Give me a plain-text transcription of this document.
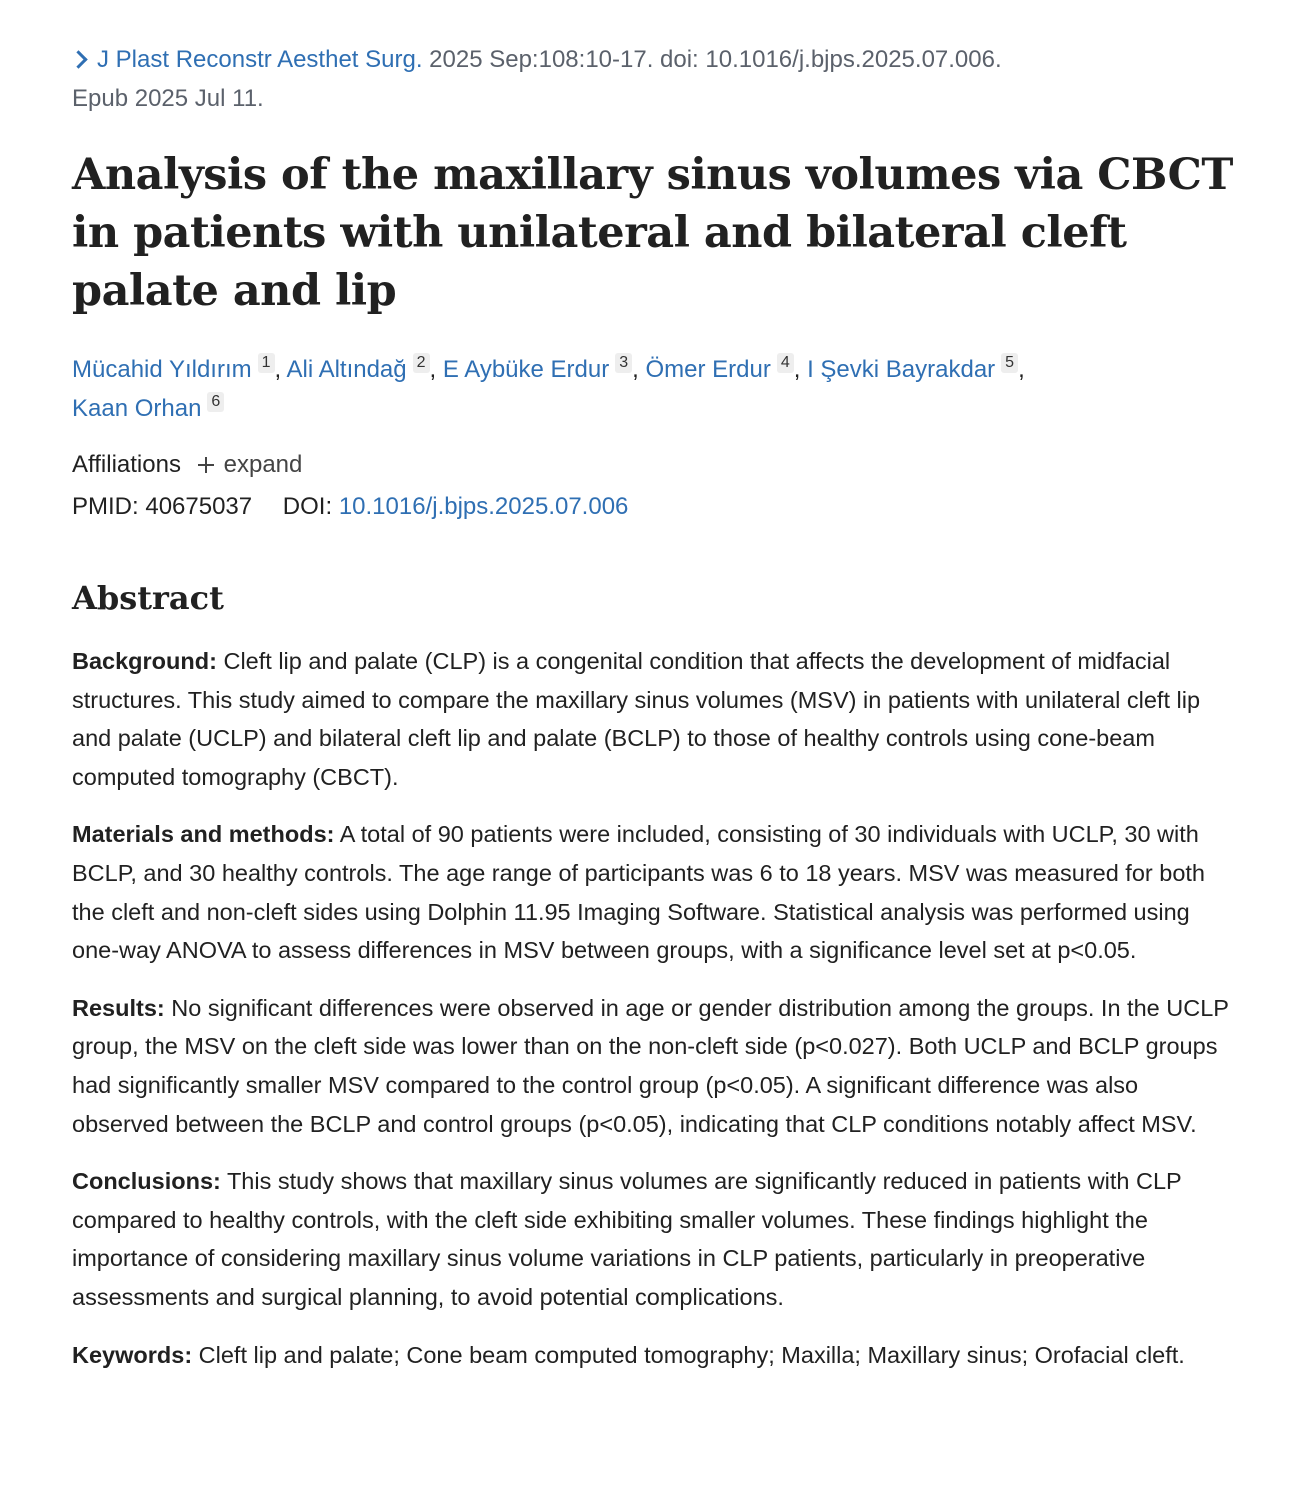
J Plast Reconstr Aesthet Surg. 2025 Sep:108:10-17. doi: 10.1016/j.bjps.2025.07.006.
Epub 2025 Jul 11.
Analysis of the maxillary sinus volumes via CBCT in patients with unilateral and bilateral cleft palate and lip
Mücahid Yıldırım $^1$ , Ali Altındağ $^2$ , E Aybüke Erdur $^3$ , Ömer Erdur $^4$ , I Şevki Bayrakdar $^5$ ,
Kaan Orhan $^6$
Affiliations expand
PMID: 40675037 DOI: 10.1016/j.bjps.2025.07.006
Abstract

Background: Cleft lip and palate (CLP) is a congenital condition that affects the development of midfacial structures. This study aimed to compare the maxillary sinus volumes (MSV) in patients with unilateral cleft lip and palate (UCLP) and bilateral cleft lip and palate (BCLP) to those of healthy controls using cone-beam computed tomography (CBCT).

Materials and methods: A total of 90 patients were included, consisting of 30 individuals with UCLP, 30 with BCLP, and 30 healthy controls. The age range of participants was 6 to 18 years. MSV was measured for both the cleft and non-cleft sides using Dolphin 11.95 Imaging Software. Statistical analysis was performed using one-way ANOVA to assess differences in MSV between groups, with a significance level set at p<0.05.

Results: No significant differences were observed in age or gender distribution among the groups. In the UCLP group, the MSV on the cleft side was lower than on the non-cleft side (p<0.027). Both UCLP and BCLP groups had significantly smaller MSV compared to the control group (p<0.05). A significant difference was also observed between the BCLP and control groups (p<0.05), indicating that CLP conditions notably affect MSV.

Conclusions: This study shows that maxillary sinus volumes are significantly reduced in patients with CLP compared to healthy controls, with the cleft side exhibiting smaller volumes. These findings highlight the importance of considering maxillary sinus volume variations in CLP patients, particularly in preoperative assessments and surgical planning, to avoid potential complications.

Keywords: Cleft lip and palate; Cone beam computed tomography; Maxilla; Maxillary sinus; Orofacial cleft.
